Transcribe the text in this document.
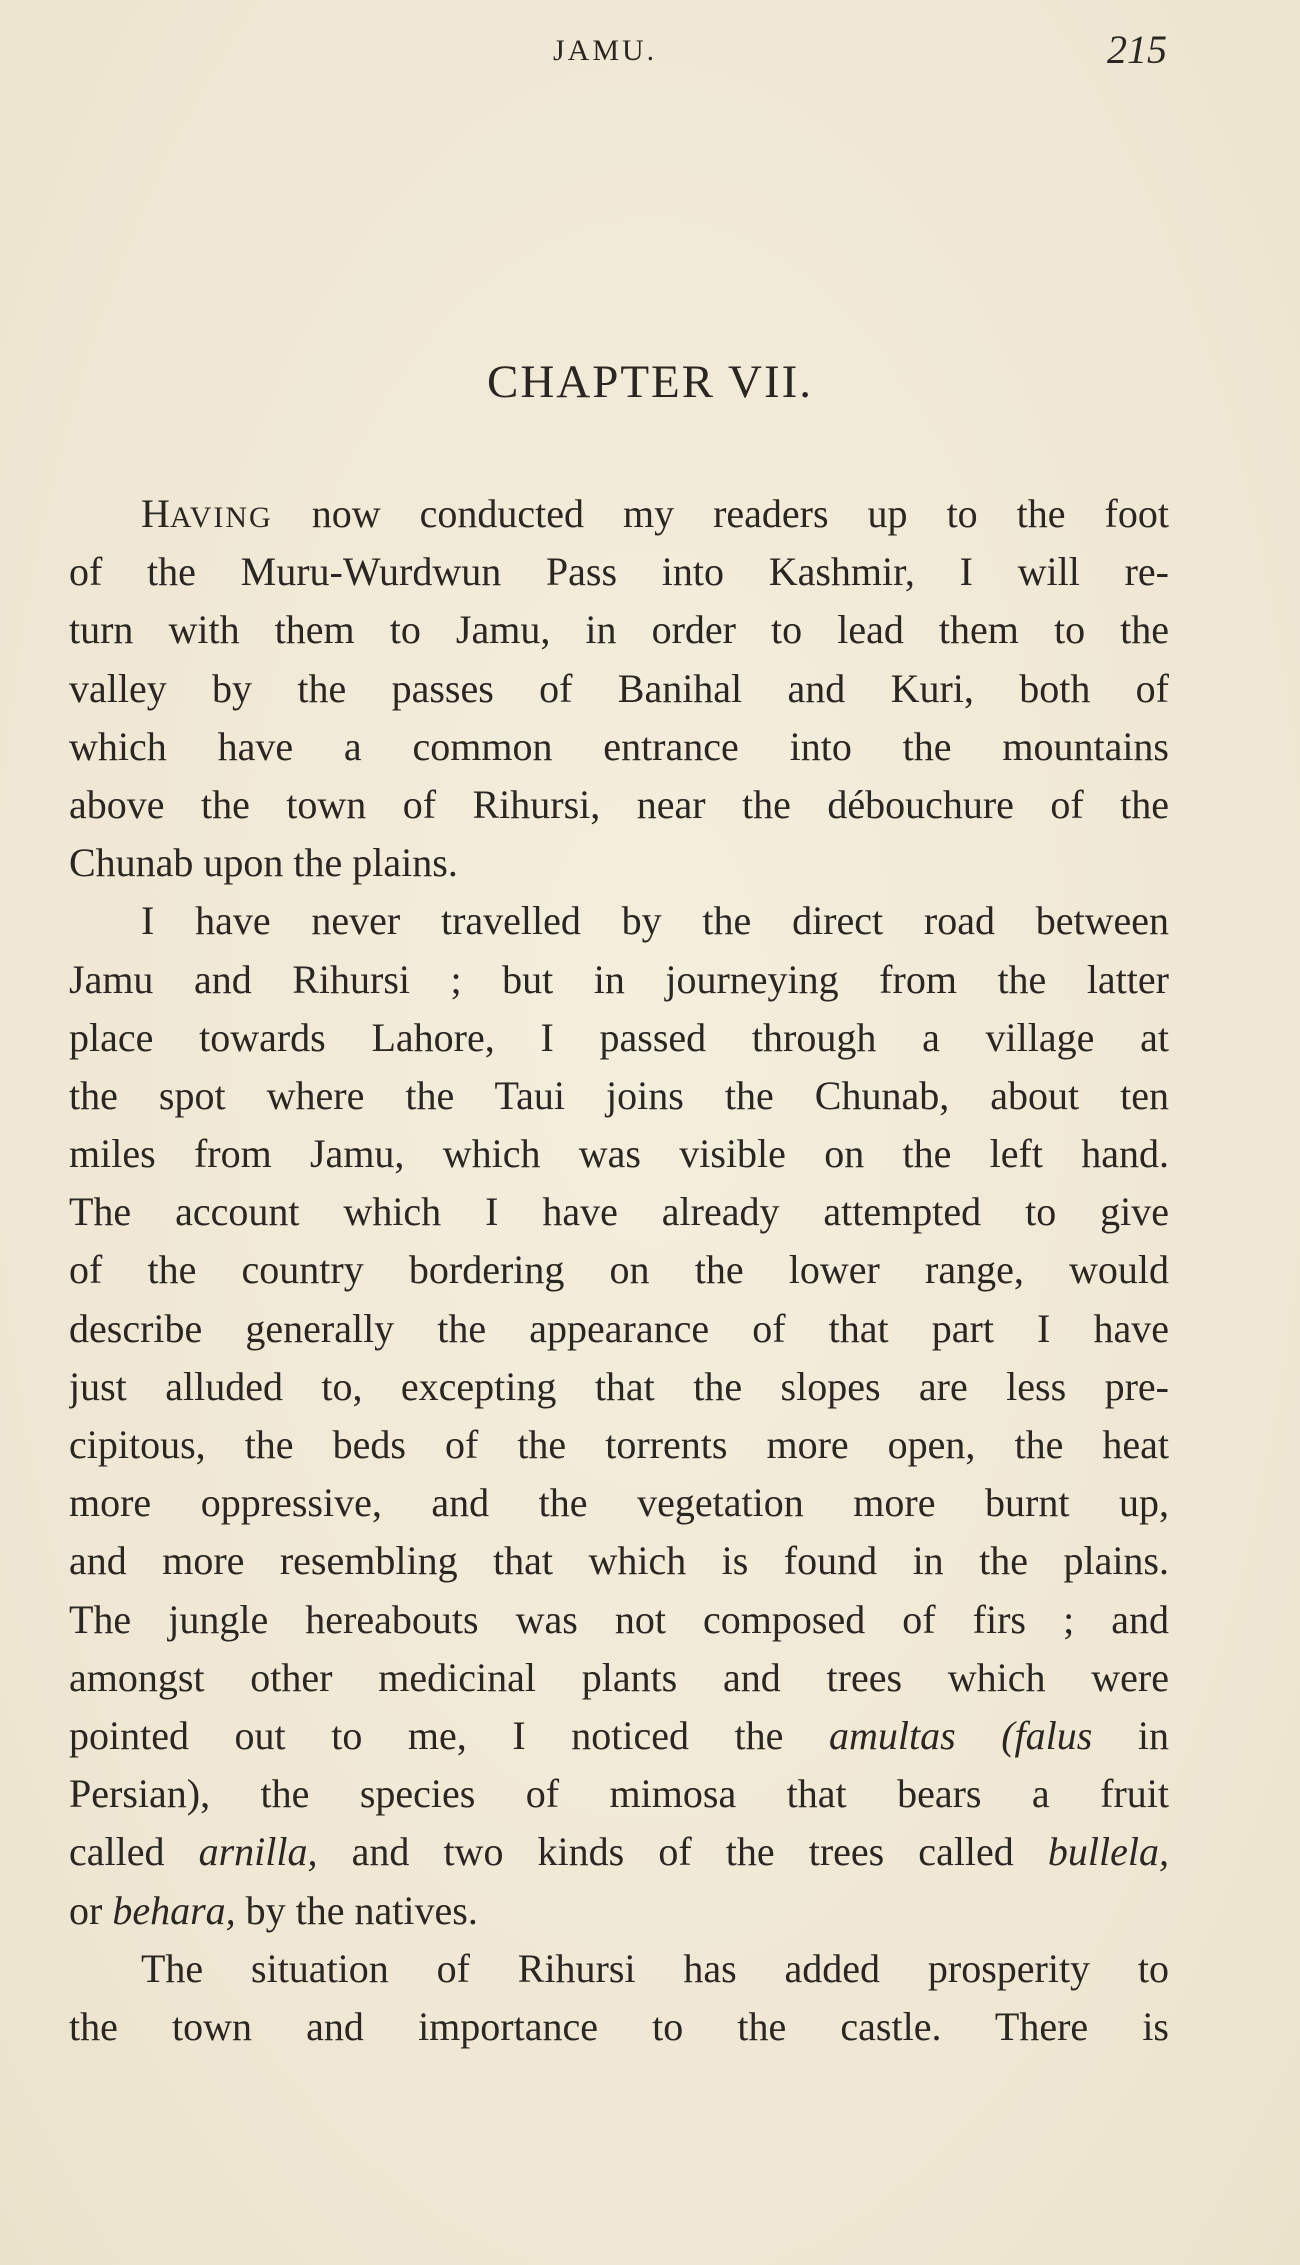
JAMU.	215
CHAPTER VII.
HAVING now conducted my readers up to the foot
of the Muru-Wurdwun Pass into Kashmir, I will re-
turn with them to Jamu, in order to lead them to the
valley by the passes of Banihal and Kuri, both of
which have a common entrance into the mountains
above the town of Rihursi, near the débouchure of the
Chunab upon the plains.
I have never travelled by the direct road between
Jamu and Rihursi ; but in journeying from the latter
place towards Lahore, I passed through a village at
the spot where the Taui joins the Chunab, about ten
miles from Jamu, which was visible on the left hand.
The account which I have already attempted to give
of the country bordering on the lower range, would
describe generally the appearance of that part I have
just alluded to, excepting that the slopes are less pre-
cipitous, the beds of the torrents more open, the heat
more oppressive, and the vegetation more burnt up,
and more resembling that which is found in the plains.
The jungle hereabouts was not composed of firs ; and
amongst other medicinal plants and trees which were
pointed out to me, I noticed the amultas (falus in
Persian), the species of mimosa that bears a fruit
called arnilla, and two kinds of the trees called bullela,
or behara, by the natives.
The situation of Rihursi has added prosperity to
the town and importance to the castle. There is
